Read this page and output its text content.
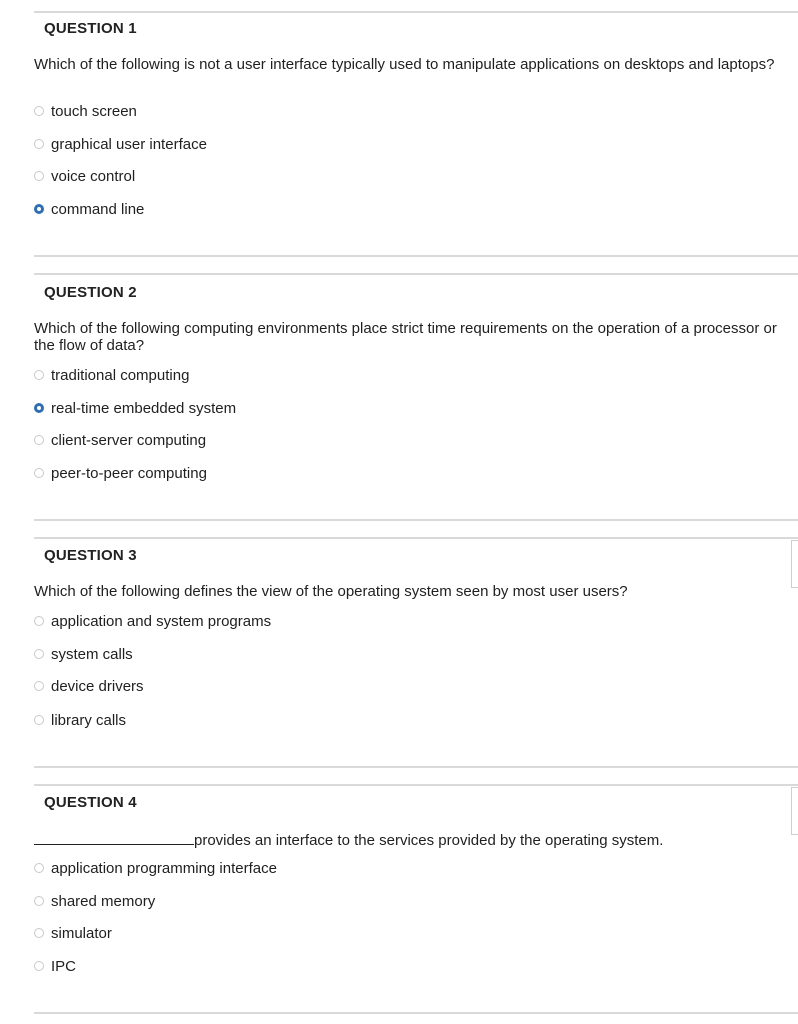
QUESTION 1
Which of the following is not a user interface typically used to manipulate applications on desktops and laptops?
touch screen
graphical user interface
voice control
command line
QUESTION 2
Which of the following computing environments place strict time requirements on the operation of a processor or the flow of data?
traditional computing
real-time embedded system
client-server computing
peer-to-peer computing
QUESTION 3
Which of the following defines the view of the operating system seen by most user users?
application and system programs
system calls
device drivers
library calls
QUESTION 4
provides an interface to the services provided by the operating system.
application programming interface
shared memory
simulator
IPC
